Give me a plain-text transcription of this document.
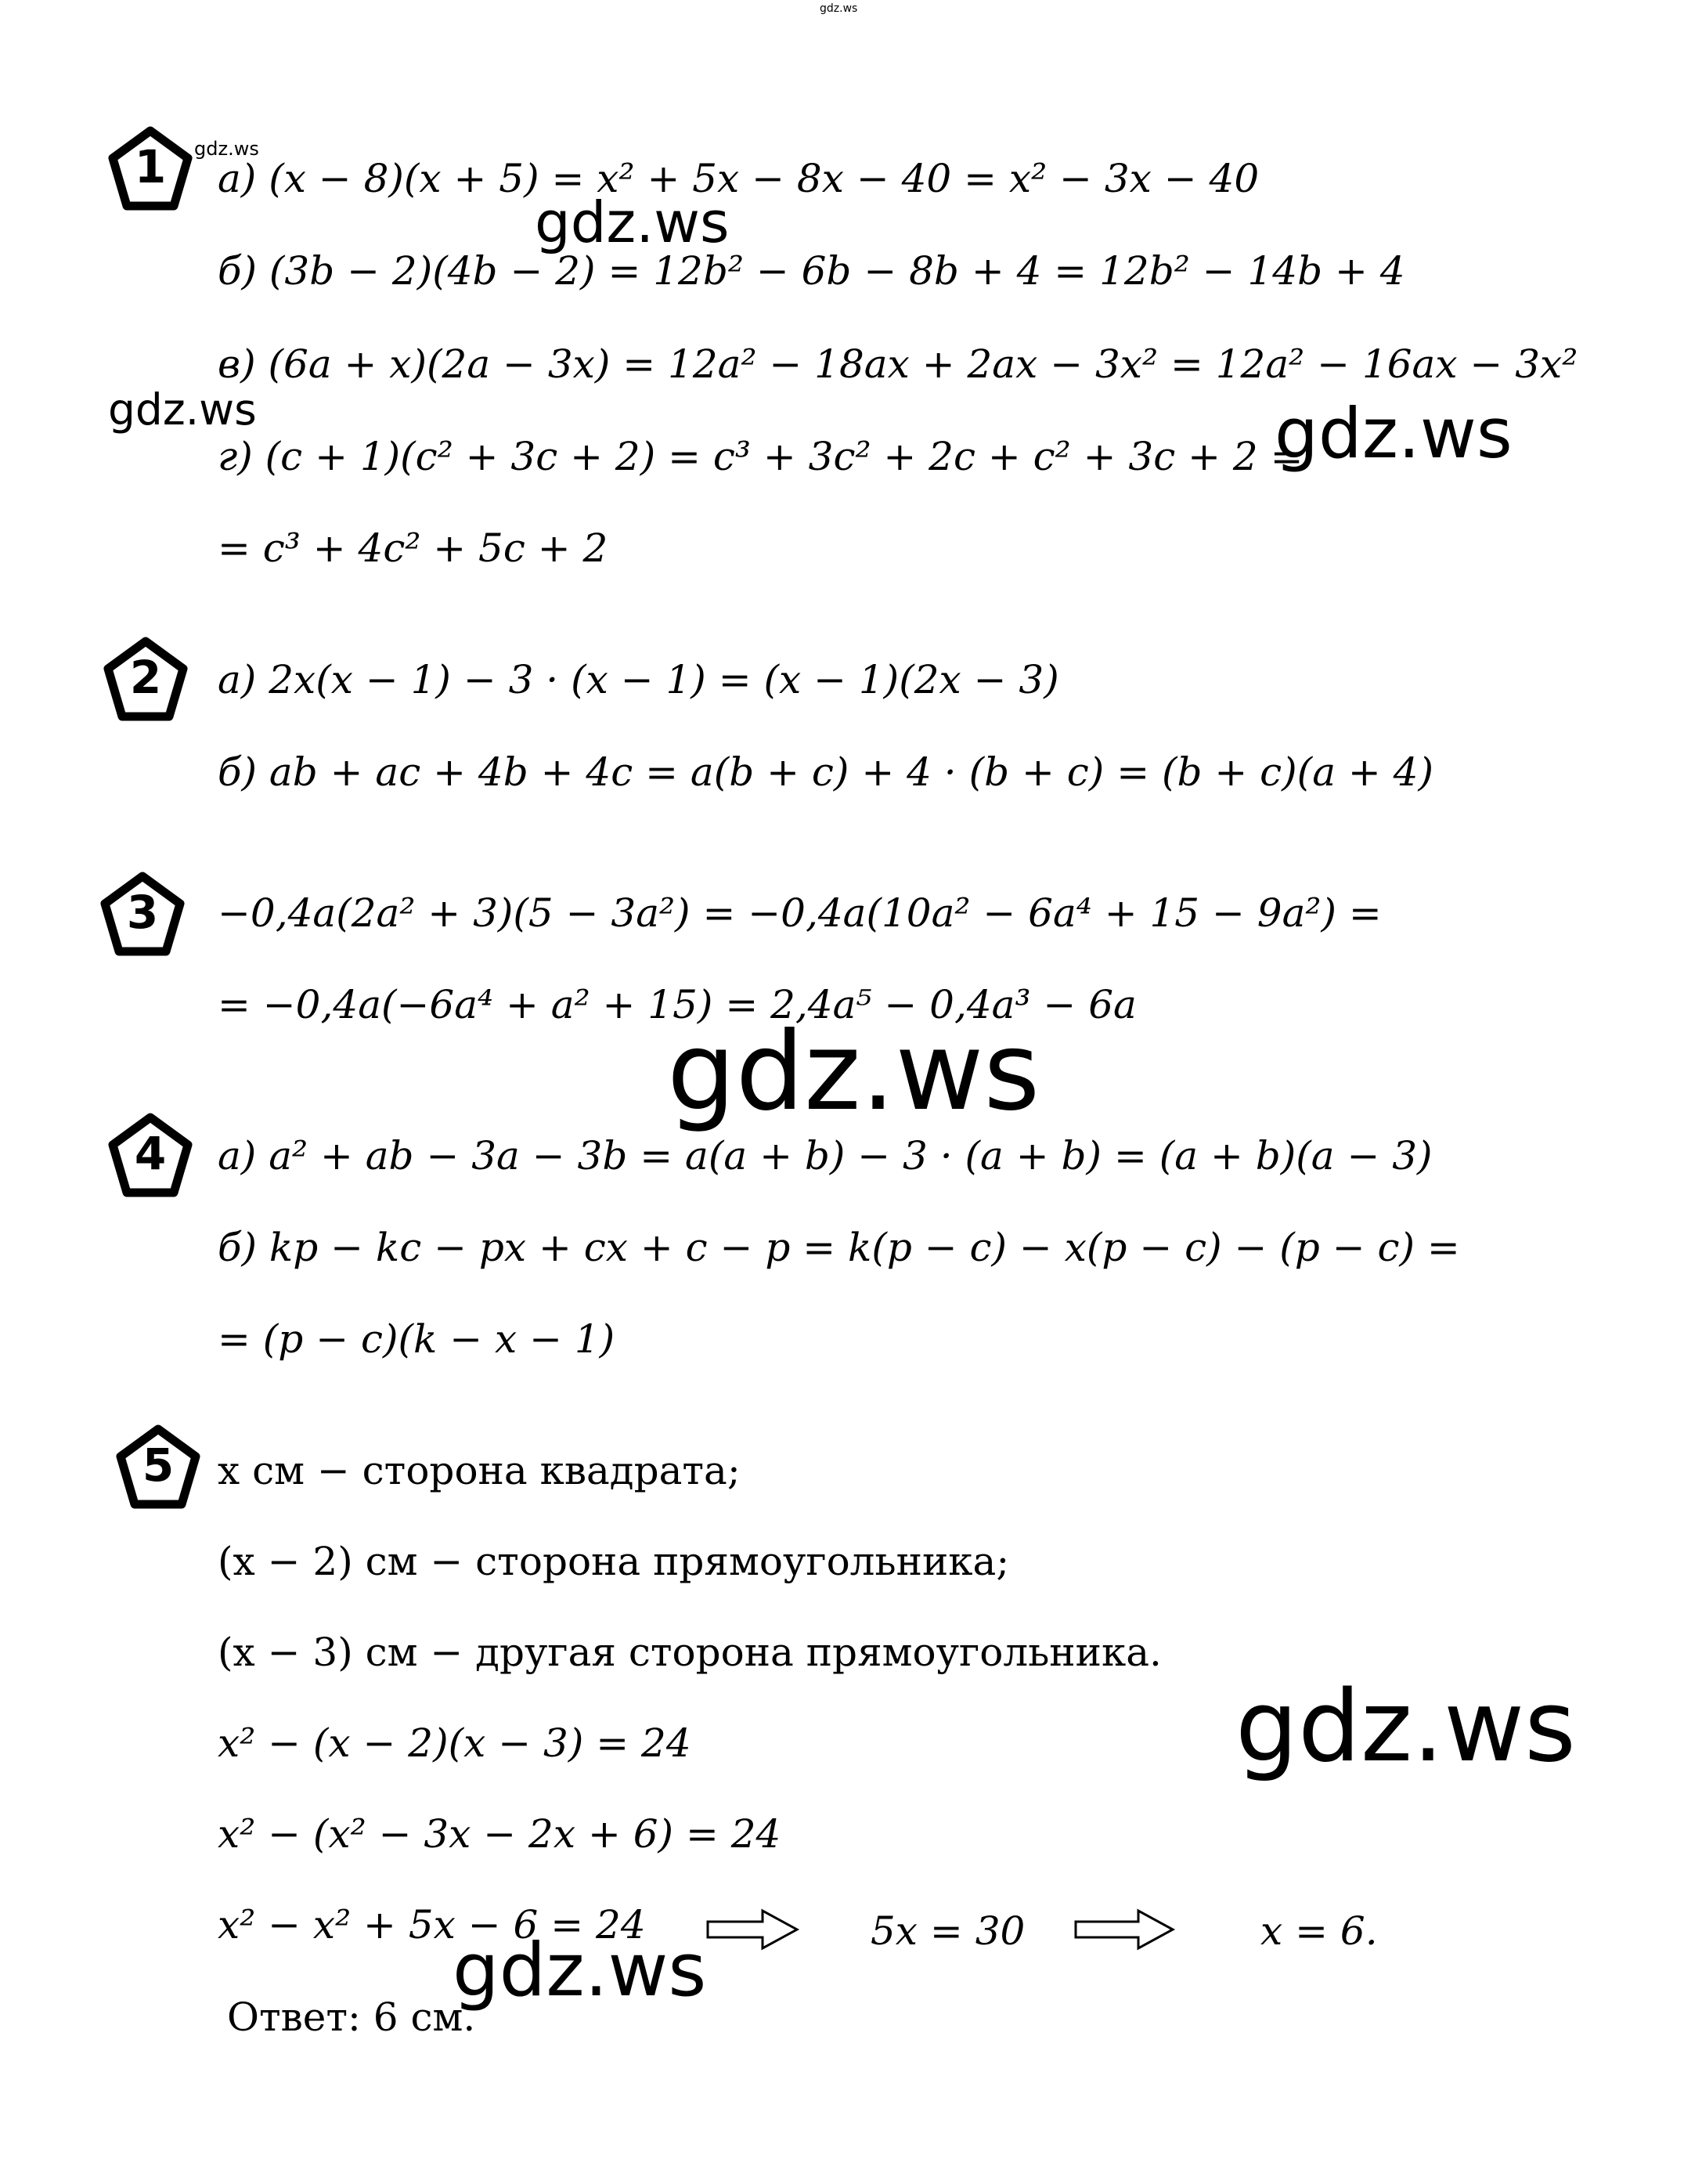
gdz.ws
1	gdz.ws
а) (x − 8)(x + 5) = x² + 5x − 8x − 40 = x² − 3x − 40
gdz.ws
б) (3b − 2)(4b − 2) = 12b² − 6b − 8b + 4 = 12b² − 14b + 4
в) (6a + x)(2a − 3x) = 12a² − 18ax + 2ax − 3x² = 12a² − 16ax − 3x²
gdz.ws
г) (c + 1)(c² + 3c + 2) = c³ + 3c² + 2c + c² + 3c + 2 =
gdz.ws
= c³ + 4c² + 5c + 2
2	а) 2x(x − 1) − 3 · (x − 1) = (x − 1)(2x − 3)
б) ab + ac + 4b + 4c = a(b + c) + 4 · (b + c) = (b + c)(a + 4)
3	−0,4a(2a² + 3)(5 − 3a²) = −0,4a(10a² − 6a⁴ + 15 − 9a²) =
= −0,4a(−6a⁴ + a² + 15) = 2,4a⁵ − 0,4a³ − 6a
gdz.ws
4	а) a² + ab − 3a − 3b = a(a + b) − 3 · (a + b) = (a + b)(a − 3)
б) kp − kc − px + cx + c − p = k(p − c) − x(p − c) − (p − c) =
= (p − c)(k − x − 1)
5	x см − сторона квадрата;
(x − 2) см − сторона прямоугольника;
(x − 3) см − другая сторона прямоугольника.
gdz.ws
x² − (x − 2)(x − 3) = 24
x² − (x² − 3x − 2x + 6) = 24
x² − x² + 5x − 6 = 24	5x = 30	x = 6.
gdz.ws
Ответ: 6 см.
